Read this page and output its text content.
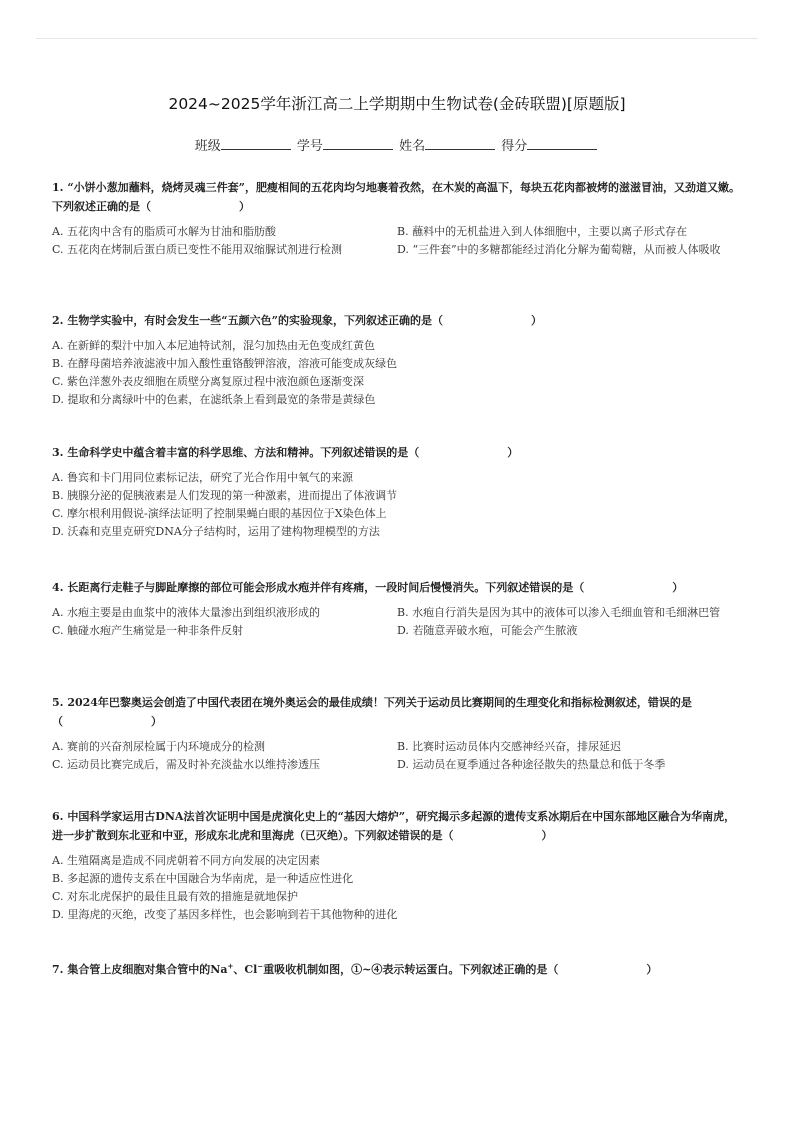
2024~2025学年浙江高二上学期期中生物试卷(金砖联盟)[原题版]
班级	学号	姓名	得分

1. “小饼小葱加蘸料，烧烤灵魂三件套”，肥瘦相间的五花肉均匀地裹着孜然，在木炭的高温下，每块五花肉都被烤的滋滋冒油，又劲道又嫩。下列叙述正确的是（　　　　　　　　）

A.
五花肉中含有的脂质可水解为甘油和脂肪酸	B.
蘸料中的无机盐进入到人体细胞中，主要以离子形式存在
C.
五花肉在烤制后蛋白质已变性不能用双缩脲试剂进行检测	D.
“三件套”中的多糖都能经过消化分解为葡萄糖，从而被人体吸收

2. 生物学实验中，有时会发生一些“五颜六色”的实验现象，下列叙述正确的是（　　　　　　　　）

A.
在新鲜的梨汁中加入本尼迪特试剂，混匀加热由无色变成红黄色
B.
在酵母菌培养液滤液中加入酸性重铬酸钾溶液，溶液可能变成灰绿色
C.
紫色洋葱外表皮细胞在质壁分离复原过程中液泡颜色逐渐变深
D.
提取和分离绿叶中的色素，在滤纸条上看到最宽的条带是黄绿色

3. 生命科学史中蕴含着丰富的科学思维、方法和精神。下列叙述错误的是（　　　　　　　　）

A.
鲁宾和卡门用同位素标记法，研究了光合作用中氧气的来源
B.
胰腺分泌的促胰液素是人们发现的第一种激素，进而提出了体液调节
C.
摩尔根利用假说-演绎法证明了控制果蝇白眼的基因位于X染色体上
D.
沃森和克里克研究DNA分子结构时，运用了建构物理模型的方法

4. 长距离行走鞋子与脚趾摩擦的部位可能会形成水疱并伴有疼痛，一段时间后慢慢消失。下列叙述错误的是（　　　　　　　　）

A.
水疱主要是由血浆中的液体大量渗出到组织液形成的	B.
水疱自行消失是因为其中的液体可以渗入毛细血管和毛细淋巴管
C.
触碰水疱产生痛觉是一种非条件反射	D.
若随意弄破水疱，可能会产生脓液

5. 2024年巴黎奥运会创造了中国代表团在境外奥运会的最佳成绩！下列关于运动员比赛期间的生理变化和指标检测叙述，错误的是（　　　　　　　　）

A.
赛前的兴奋剂尿检属于内环境成分的检测	B.
比赛时运动员体内交感神经兴奋，排尿延迟
C.
运动员比赛完成后，需及时补充淡盐水以维持渗透压	D.
运动员在夏季通过各种途径散失的热量总和低于冬季

6. 中国科学家运用古DNA法首次证明中国是虎演化史上的“基因大熔炉”，研究揭示多起源的遗传支系冰期后在中国东部地区融合为华南虎，进一步扩散到东北亚和中亚，形成东北虎和里海虎（已灭绝）。下列叙述错误的是（　　　　　　　　）

A.
生殖隔离是造成不同虎朝着不同方向发展的决定因素
B.
多起源的遗传支系在中国融合为华南虎，是一种适应性进化
C.
对东北虎保护的最佳且最有效的措施是就地保护
D.
里海虎的灭绝，改变了基因多样性，也会影响到若干其他物种的进化

7. 集合管上皮细胞对集合管中的Na+、Cl−重吸收机制如图，①~④表示转运蛋白。下列叙述正确的是（　　　　　　　　）
